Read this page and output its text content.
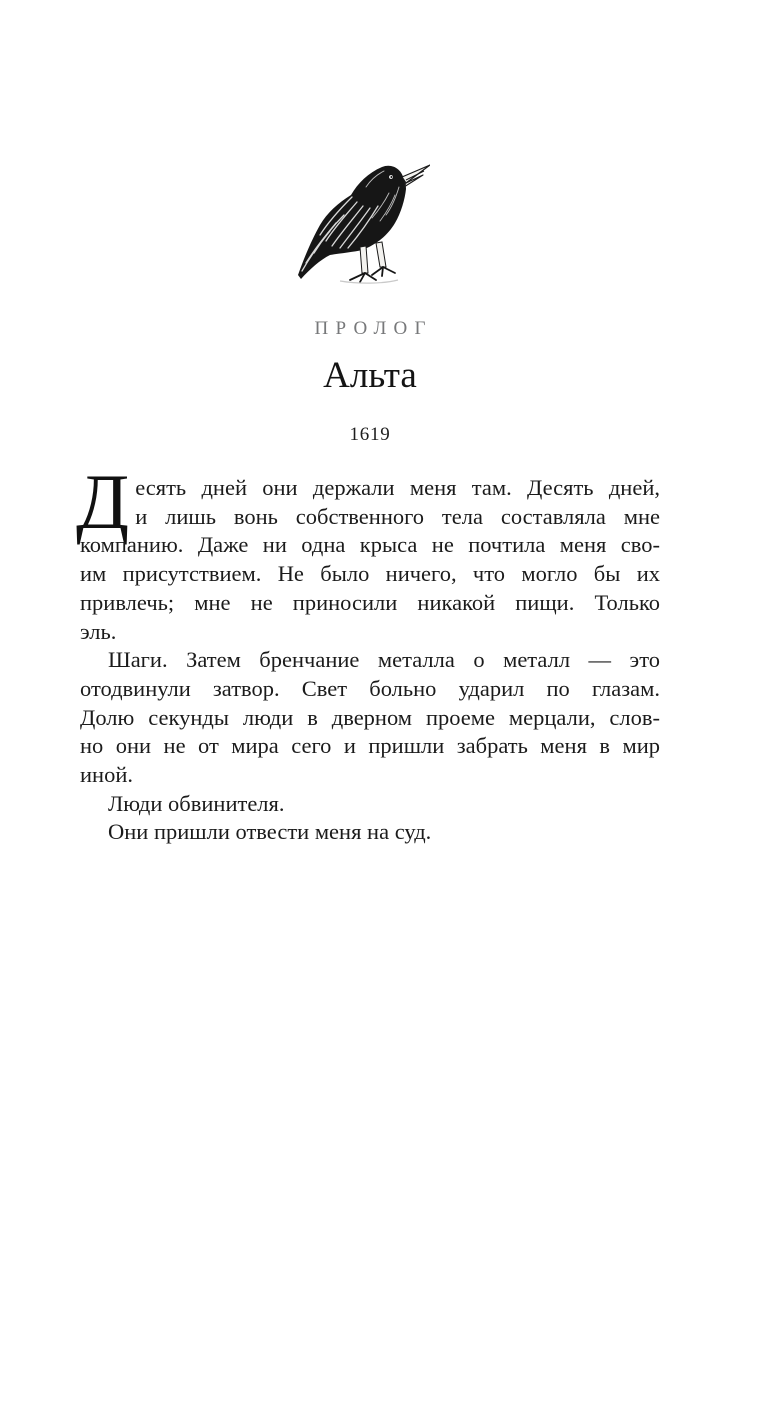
ПРОЛОГ
Альта
1619
Д есять дней они держали меня там. Десять дней,
и лишь вонь собственного тела составляла мне
компанию. Даже ни одна крыса не почтила меня сво-
им присутствием. Не было ничего, что могло бы их
привлечь; мне не приносили никакой пищи. Только
эль.
Шаги. Затем бренчание металла о металл — это
отодвинули затвор. Свет больно ударил по глазам.
Долю секунды люди в дверном проеме мерцали, слов-
но они не от мира сего и пришли забрать меня в мир
иной.
Люди обвинителя.
Они пришли отвести меня на суд.
